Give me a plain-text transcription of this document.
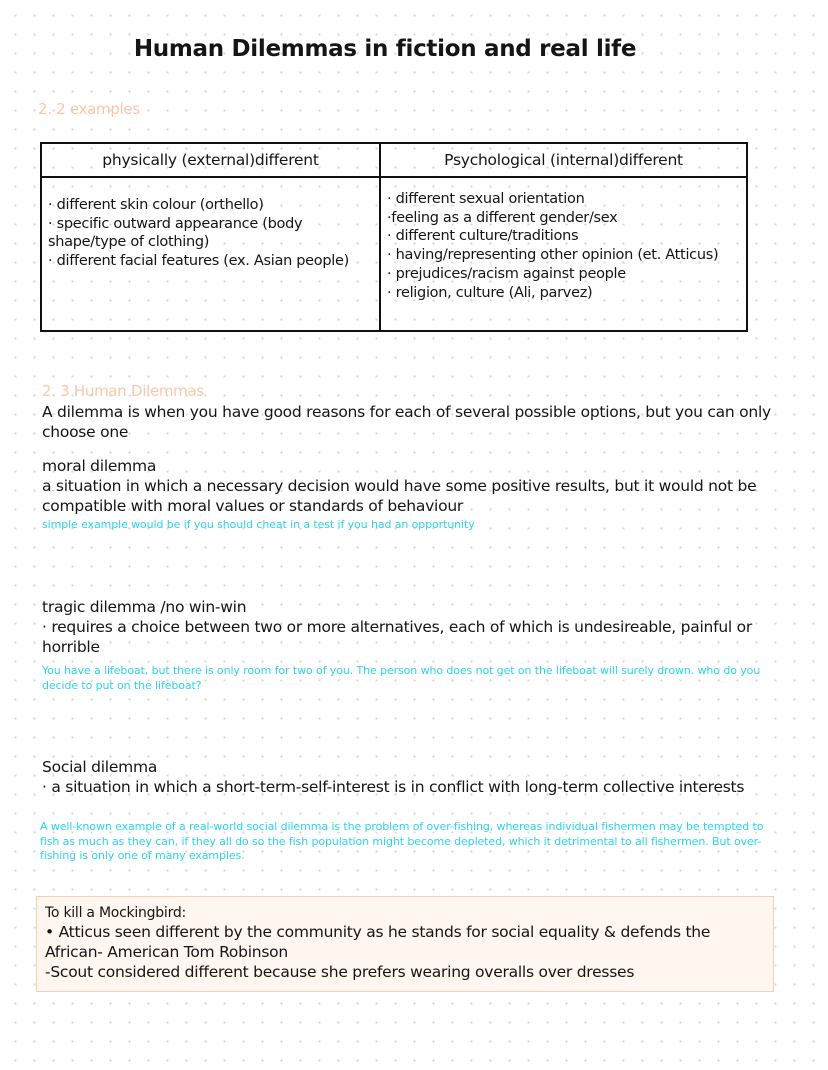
Human Dilemmas in fiction and real life
2. 2 examples
physically (external)different	Psychological (internal)different
· different skin colour (orthello)
· specific outward appearance (body shape/type of clothing)
· different facial features (ex. Asian people)
· different sexual orientation
·feeling as a different gender/sex
· different culture/traditions
· having/representing other opinion (et. Atticus)
· prejudices/racism against people
· religion, culture (Ali, parvez)
2. 3 Human Dilemmas
A dilemma is when you have good reasons for each of several possible options, but you can only choose one
moral dilemma
a situation in which a necessary decision would have some positive results, but it would not be compatible with moral values or standards of behaviour
simple example would be if you should cheat in a test if you had an opportunity
tragic dilemma /no win-win
· requires a choice between two or more alternatives, each of which is undesireable, painful or horrible
You have a lifeboat, but there is only room for two of you. The person who does not get on the lifeboat will surely drown. who do you decide to put on the lifeboat?
Social dilemma
· a situation in which a short-term-self-interest is in conflict with long-term collective interests
A well-known example of a real-world social dilemma is the problem of over-fishing, whereas individual fishermen may be tempted to fish as much as they can, if they all do so the fish population might become depleted, which it detrimental to all fishermen. But over-fishing is only one of many examples.
To kill a Mockingbird:
• Atticus seen different by the community as he stands for social equality & defends the African- American Tom Robinson
-Scout considered different because she prefers wearing overalls over dresses
